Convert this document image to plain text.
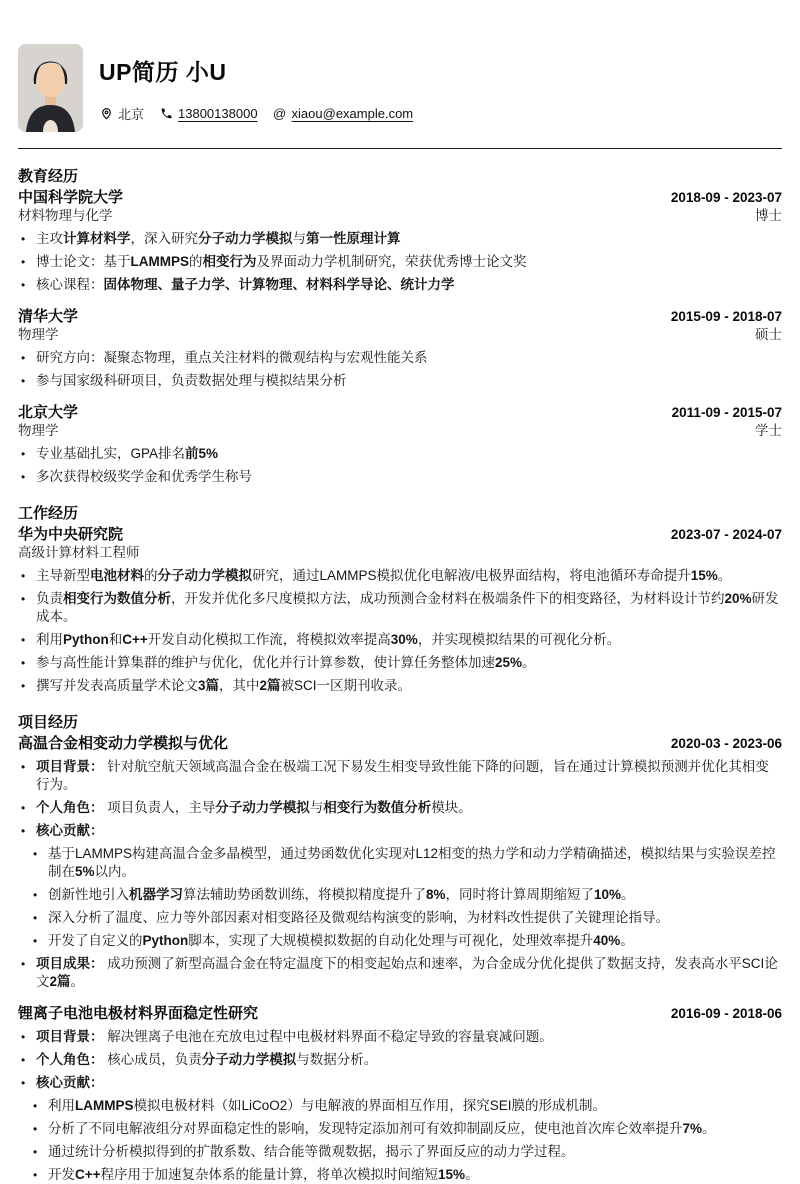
UP简历 小U
北京	13800138000 @ xiaou@example.com
教育经历
中国科学院大学	2018-09 - 2023-07
材料物理与化学	博士
• 主攻计算材料学，深入研究分子动力学模拟与第一性原理计算
• 博士论文：基于LAMMPS的相变行为及界面动力学机制研究，荣获优秀博士论文奖
• 核心课程：固体物理、量子力学、计算物理、材料科学导论、统计力学
清华大学	2015-09 - 2018-07
物理学	硕士
• 研究方向：凝聚态物理，重点关注材料的微观结构与宏观性能关系
• 参与国家级科研项目，负责数据处理与模拟结果分析
北京大学	2011-09 - 2015-07
物理学	学士
• 专业基础扎实，GPA排名前5%
• 多次获得校级奖学金和优秀学生称号
工作经历
华为中央研究院	2023-07 - 2024-07
高级计算材料工程师
• 主导新型电池材料的分子动力学模拟研究，通过LAMMPS模拟优化电解液/电极界面结构，将电池循环寿命提升15%。
• 负责相变行为数值分析，开发并优化多尺度模拟方法，成功预测合金材料在极端条件下的相变路径，为材料设计节约20%研发成本。
• 利用Python和C++开发自动化模拟工作流，将模拟效率提高30%，并实现模拟结果的可视化分析。
• 参与高性能计算集群的维护与优化，优化并行计算参数，使计算任务整体加速25%。
• 撰写并发表高质量学术论文3篇，其中2篇被SCI一区期刊收录。
项目经历
高温合金相变动力学模拟与优化	2020-03 - 2023-06
• 项目背景： 针对航空航天领域高温合金在极端工况下易发生相变导致性能下降的问题，旨在通过计算模拟预测并优化其相变行为。
• 个人角色： 项目负责人，主导分子动力学模拟与相变行为数值分析模块。
• 核心贡献：
• 基于LAMMPS构建高温合金多晶模型，通过势函数优化实现对L12相变的热力学和动力学精确描述，模拟结果与实验误差控制在5%以内。
• 创新性地引入机器学习算法辅助势函数训练，将模拟精度提升了8%，同时将计算周期缩短了10%。
• 深入分析了温度、应力等外部因素对相变路径及微观结构演变的影响，为材料改性提供了关键理论指导。
• 开发了自定义的Python脚本，实现了大规模模拟数据的自动化处理与可视化，处理效率提升40%。
• 项目成果： 成功预测了新型高温合金在特定温度下的相变起始点和速率，为合金成分优化提供了数据支持，发表高水平SCI论文2篇。
锂离子电池电极材料界面稳定性研究	2016-09 - 2018-06
• 项目背景： 解决锂离子电池在充放电过程中电极材料界面不稳定导致的容量衰减问题。
• 个人角色： 核心成员，负责分子动力学模拟与数据分析。
• 核心贡献：
• 利用LAMMPS模拟电极材料（如LiCoO2）与电解液的界面相互作用，探究SEI膜的形成机制。
• 分析了不同电解液组分对界面稳定性的影响，发现特定添加剂可有效抑制副反应，使电池首次库仑效率提升7%。
• 通过统计分析模拟得到的扩散系数、结合能等微观数据，揭示了界面反应的动力学过程。
• 开发C++程序用于加速复杂体系的能量计算，将单次模拟时间缩短15%。
